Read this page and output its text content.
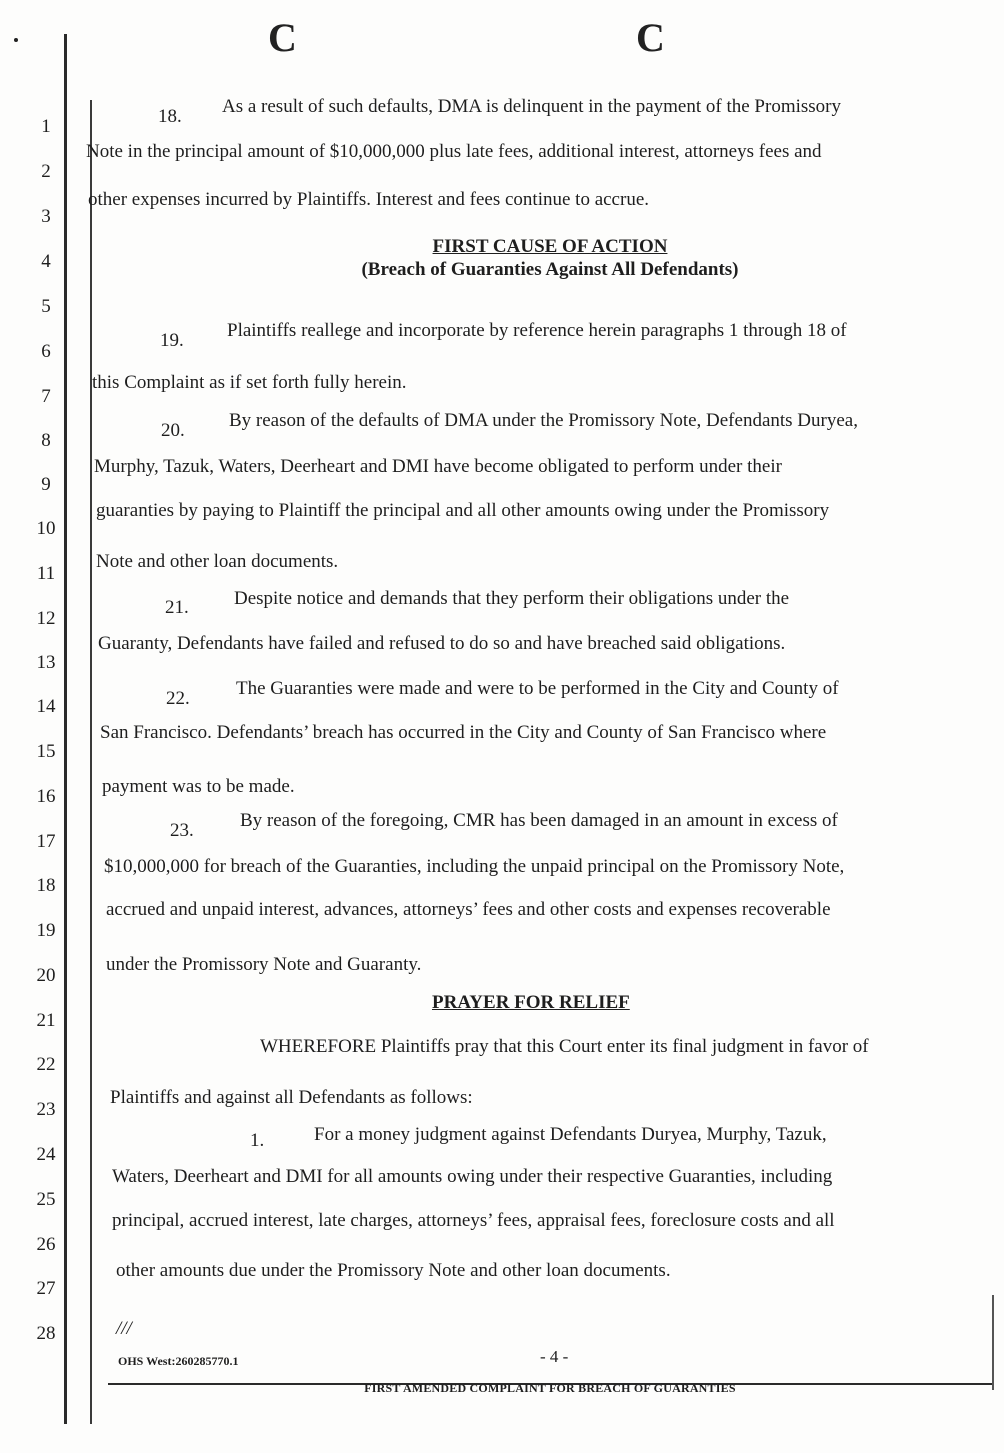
C	C
1
2
3
4
5
6
7
8
9
10
11
12
13
14
15
16
17
18
19
20
21
22
23
24
25
26
27
28
18. As a result of such defaults, DMA is delinquent in the payment of the Promissory
Note in the principal amount of $10,000,000 plus late fees, additional interest, attorneys fees and
other expenses incurred by Plaintiffs. Interest and fees continue to accrue.
FIRST CAUSE OF ACTION
(Breach of Guaranties Against All Defendants)
19. Plaintiffs reallege and incorporate by reference herein paragraphs 1 through 18 of
this Complaint as if set forth fully herein.
20. By reason of the defaults of DMA under the Promissory Note, Defendants Duryea,
Murphy, Tazuk, Waters, Deerheart and DMI have become obligated to perform under their
guaranties by paying to Plaintiff the principal and all other amounts owing under the Promissory
Note and other loan documents.
21. Despite notice and demands that they perform their obligations under the
Guaranty, Defendants have failed and refused to do so and have breached said obligations.
22. The Guaranties were made and were to be performed in the City and County of
San Francisco. Defendants’ breach has occurred in the City and County of San Francisco where
payment was to be made.
23. By reason of the foregoing, CMR has been damaged in an amount in excess of
$10,000,000 for breach of the Guaranties, including the unpaid principal on the Promissory Note,
accrued and unpaid interest, advances, attorneys’ fees and other costs and expenses recoverable
under the Promissory Note and Guaranty.
PRAYER FOR RELIEF
WHEREFORE Plaintiffs pray that this Court enter its final judgment in favor of
Plaintiffs and against all Defendants as follows:
1.	For a money judgment against Defendants Duryea, Murphy, Tazuk,
Waters, Deerheart and DMI for all amounts owing under their respective Guaranties, including
principal, accrued interest, late charges, attorneys’ fees, appraisal fees, foreclosure costs and all
other amounts due under the Promissory Note and other loan documents.
///
OHS West:260285770.1	- 4 -
FIRST AMENDED COMPLAINT FOR BREACH OF GUARANTIES
